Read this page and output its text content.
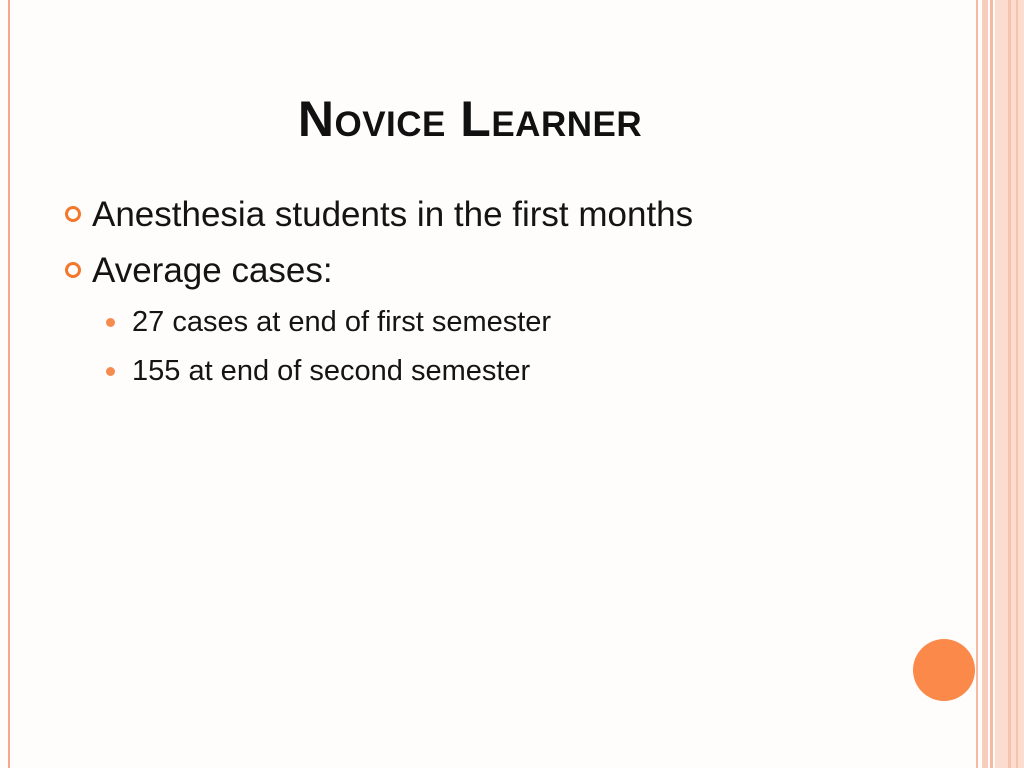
Novice Learner
Anesthesia students in the first months
Average cases:
27 cases at end of first semester
155 at end of second semester
